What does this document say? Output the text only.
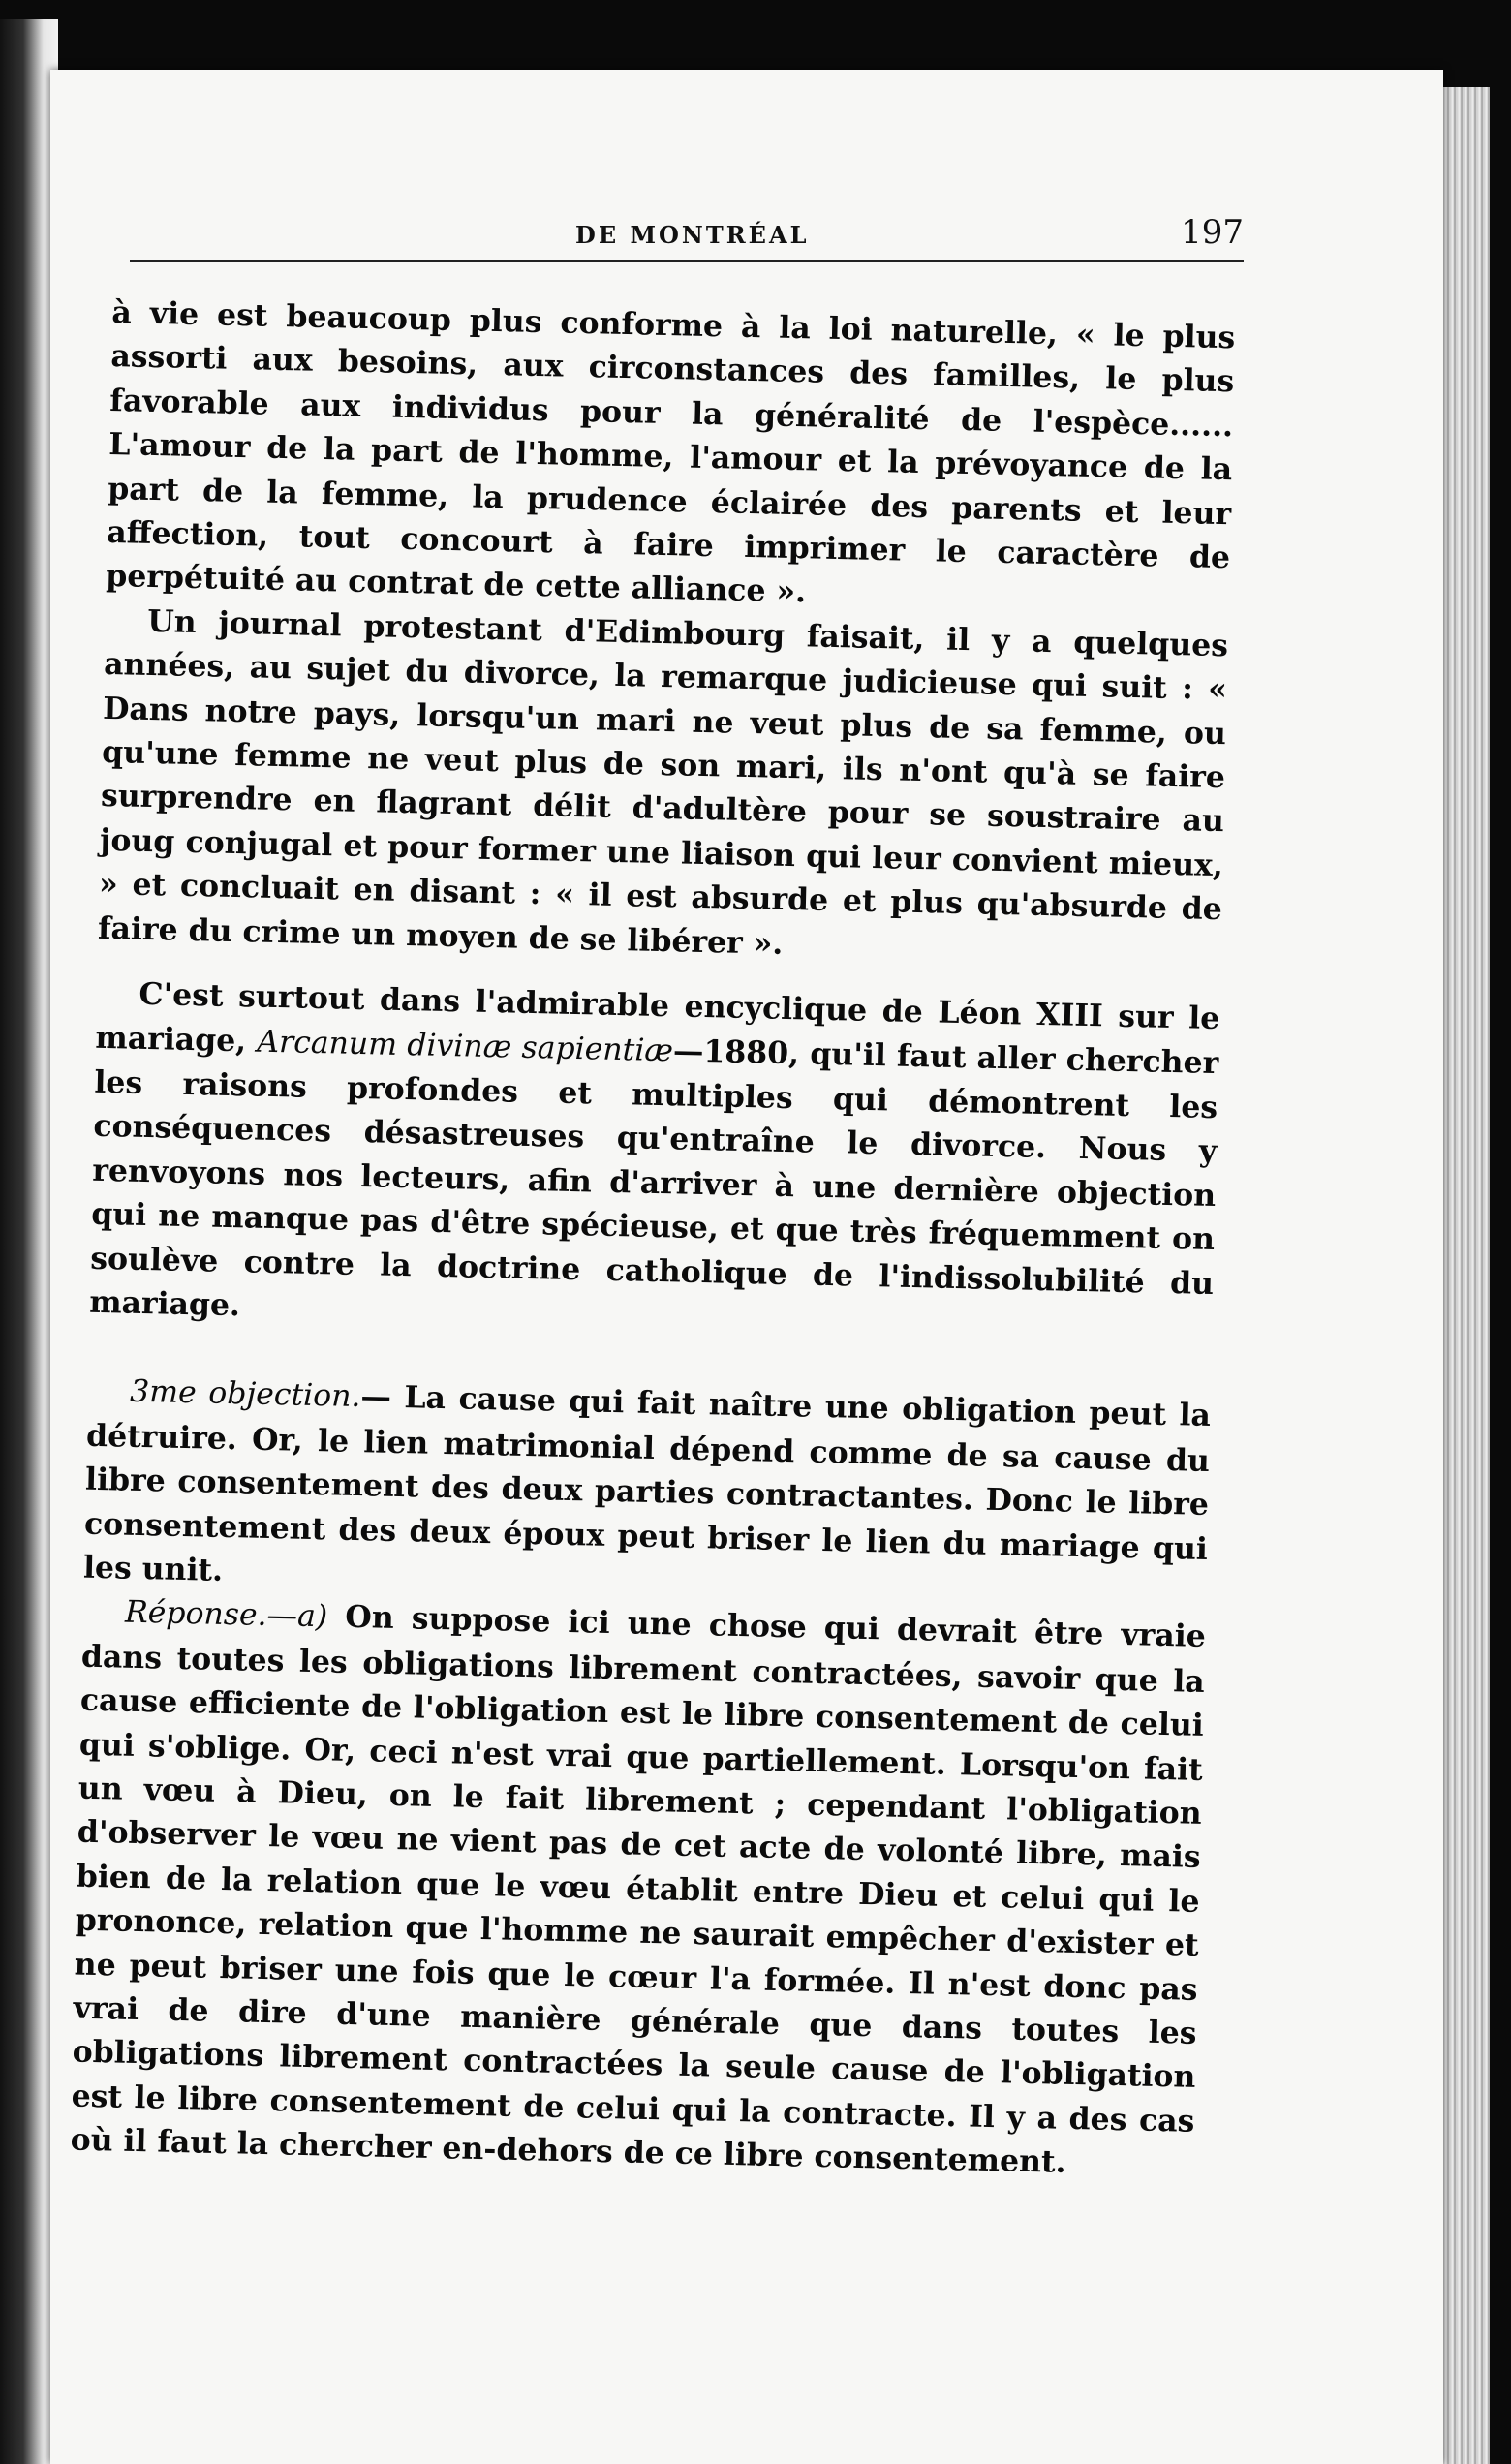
DE MONTRÉAL	197

à vie est beaucoup plus conforme à la loi naturelle, « le plus assorti aux besoins, aux circonstances des familles, le plus favorable aux individus pour la généralité de l'espèce...... L'amour de la part de l'homme, l'amour et la prévoyance de la part de la femme, la prudence éclairée des parents et leur affection, tout concourt à faire imprimer le caractère de perpétuité au contrat de cette alliance ».

Un journal protestant d'Edimbourg faisait, il y a quelques années, au sujet du divorce, la remarque judicieuse qui suit : « Dans notre pays, lorsqu'un mari ne veut plus de sa femme, ou qu'une femme ne veut plus de son mari, ils n'ont qu'à se faire surprendre en flagrant délit d'adultère pour se soustraire au joug conjugal et pour former une liaison qui leur convient mieux, » et concluait en disant : « il est absurde et plus qu'absurde de faire du crime un moyen de se libérer ».

C'est surtout dans l'admirable encyclique de Léon XIII sur le mariage, Arcanum divinæ sapientiæ—1880, qu'il faut aller chercher les raisons profondes et multiples qui démontrent les conséquences désastreuses qu'entraîne le divorce. Nous y renvoyons nos lecteurs, afin d'arriver à une dernière objection qui ne manque pas d'être spécieuse, et que très fréquemment on soulève contre la doctrine catholique de l'indissolubilité du mariage.

3me objection.— La cause qui fait naître une obligation peut la détruire. Or, le lien matrimonial dépend comme de sa cause du libre consentement des deux parties contractantes. Donc le libre consentement des deux époux peut briser le lien du mariage qui les unit.

Réponse.—a) On suppose ici une chose qui devrait être vraie dans toutes les obligations librement contractées, savoir que la cause efficiente de l'obligation est le libre consentement de celui qui s'oblige. Or, ceci n'est vrai que partiellement. Lorsqu'on fait un vœu à Dieu, on le fait librement ; cependant l'obligation d'observer le vœu ne vient pas de cet acte de volonté libre, mais bien de la relation que le vœu établit entre Dieu et celui qui le prononce, relation que l'homme ne saurait empêcher d'exister et ne peut briser une fois que le cœur l'a formée. Il n'est donc pas vrai de dire d'une manière générale que dans toutes les obligations librement contractées la seule cause de l'obligation est le libre consentement de celui qui la contracte. Il y a des cas où il faut la chercher en-dehors de ce libre consentement.
